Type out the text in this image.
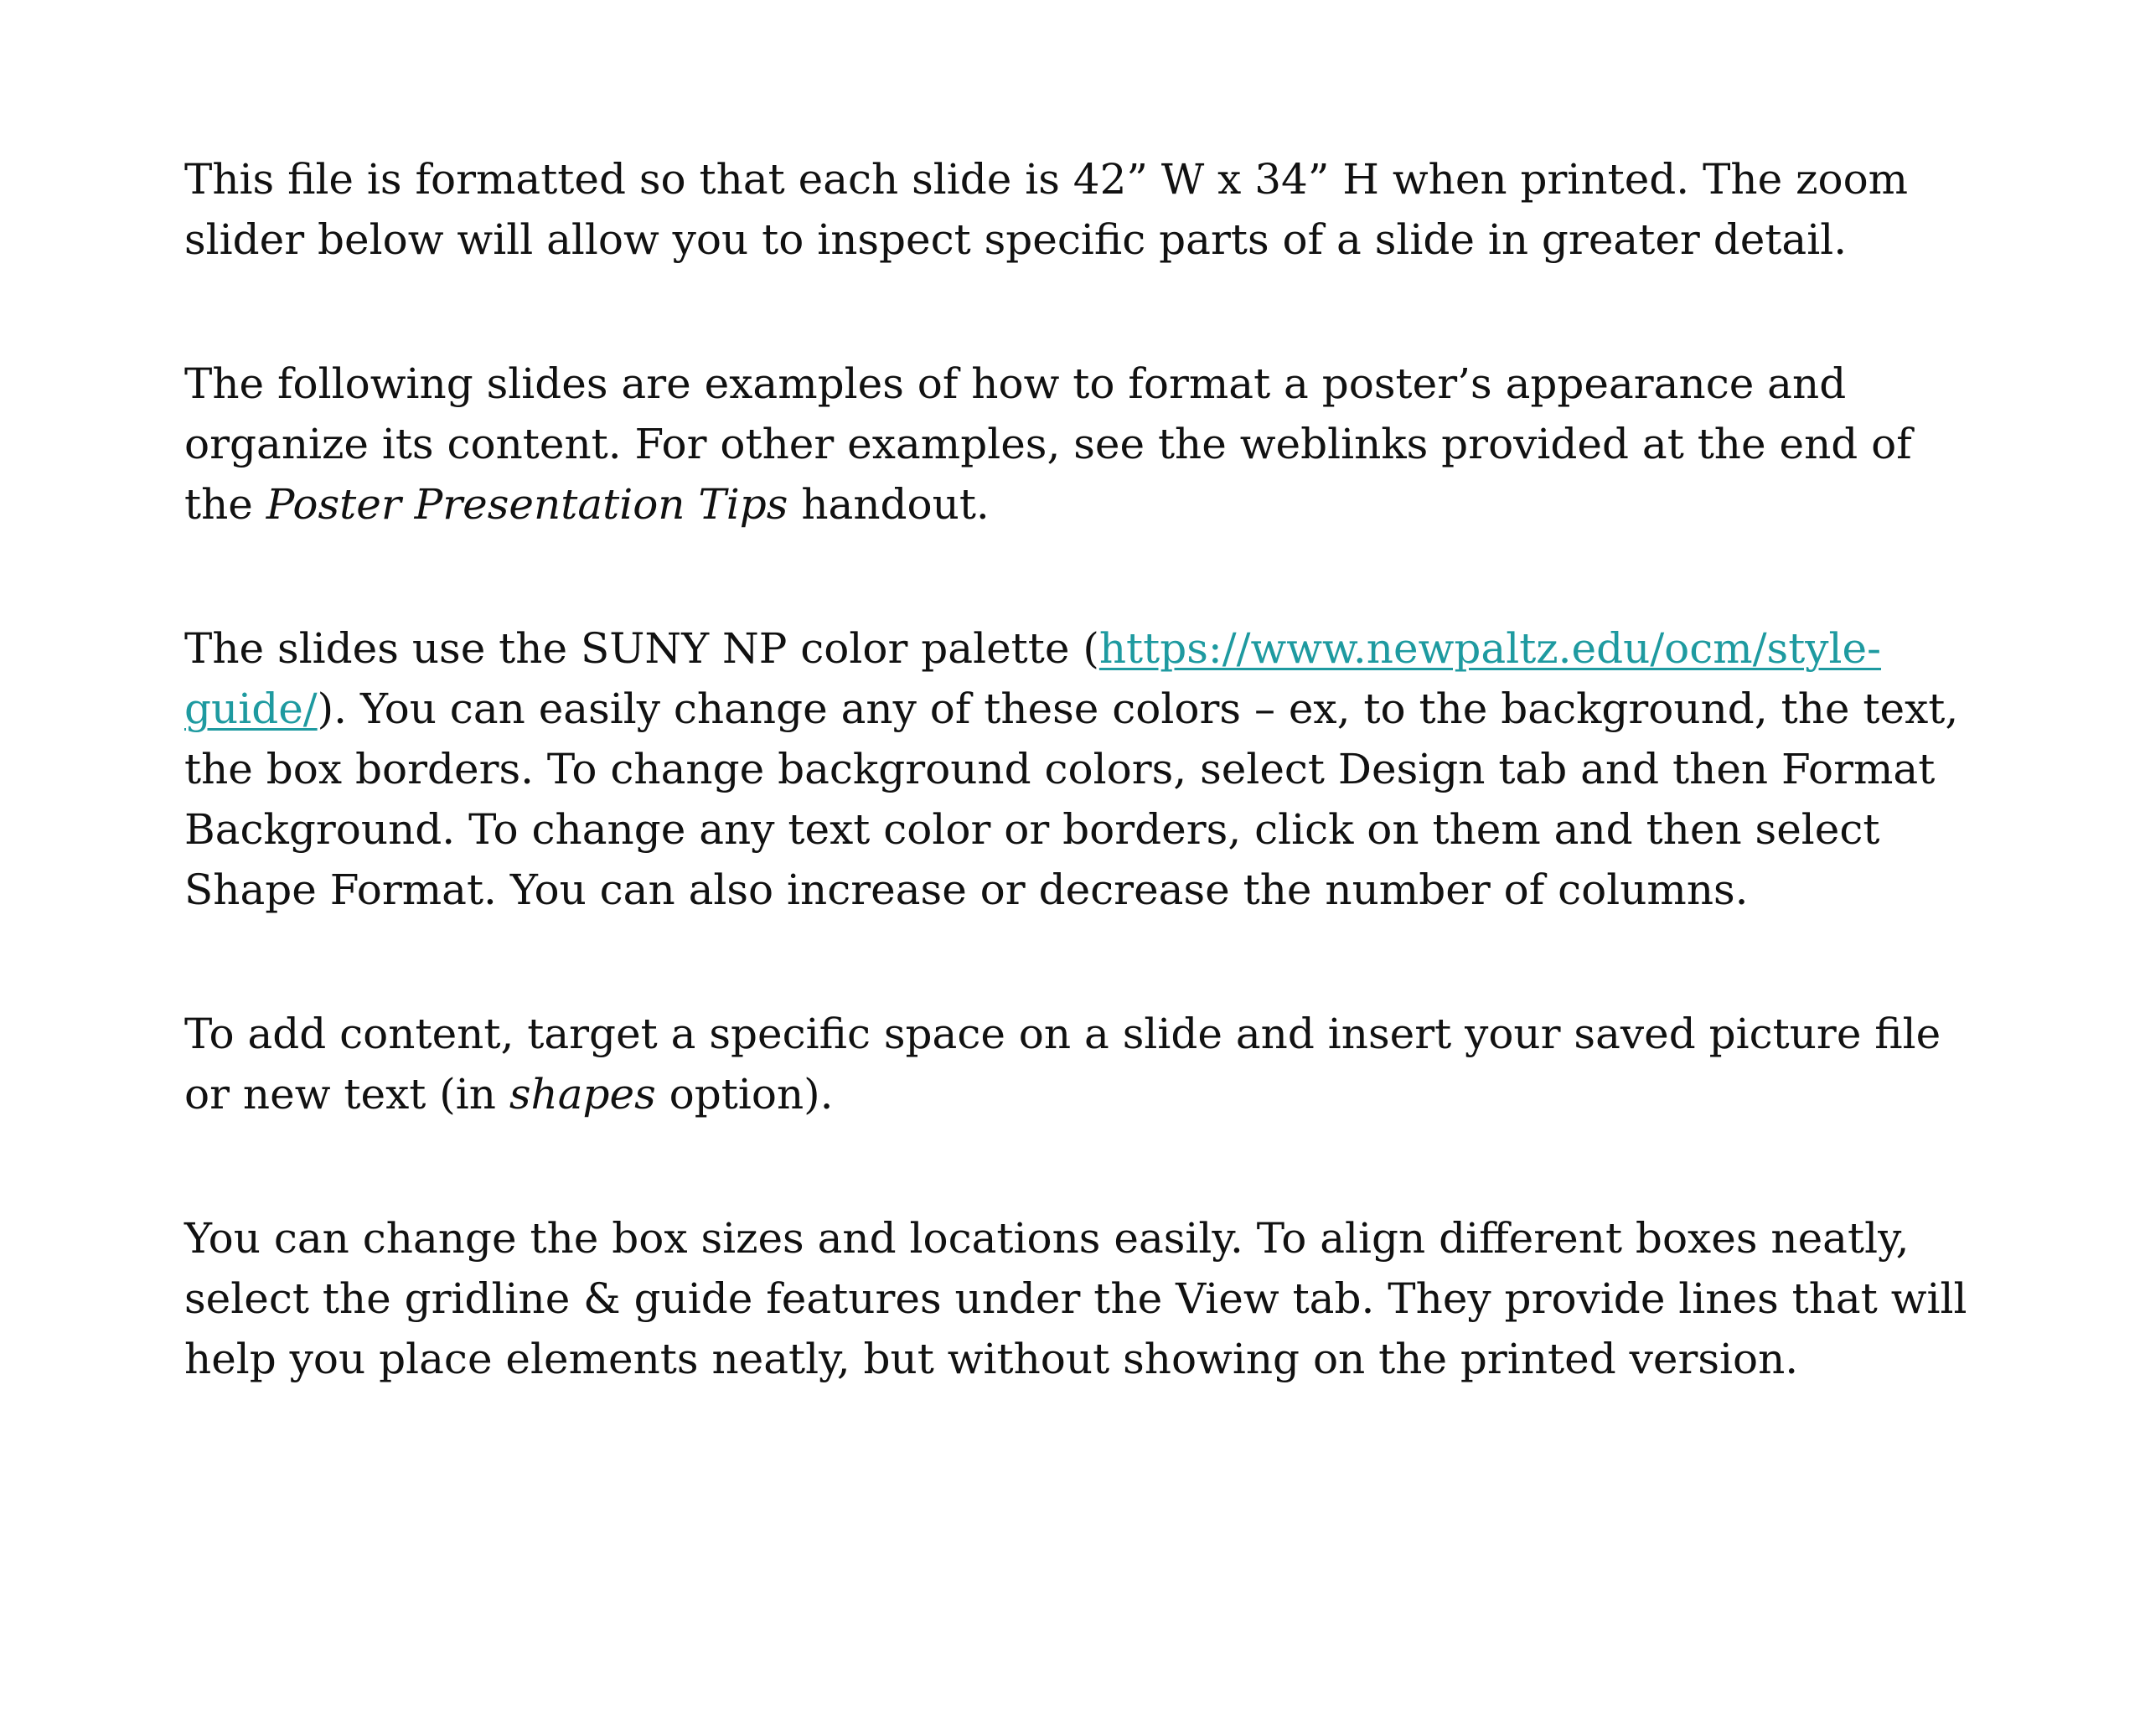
This file is formatted so that each slide is 42” W x 34” H when printed. The zoom slider below will allow you to inspect specific parts of a slide in greater detail.

The following slides are examples of how to format a poster’s appearance and organize its content. For other examples, see the weblinks provided at the end of the Poster Presentation Tips handout.

The slides use the SUNY NP color palette (https://www.newpaltz.edu/ocm/style-guide/). You can easily change any of these colors – ex, to the background, the text, the box borders. To change background colors, select Design tab and then Format Background. To change any text color or borders, click on them and then select Shape Format. You can also increase or decrease the number of columns.

To add content, target a specific space on a slide and insert your saved picture file or new text (in shapes option).

You can change the box sizes and locations easily. To align different boxes neatly, select the gridline & guide features under the View tab. They provide lines that will help you place elements neatly, but without showing on the printed version.
